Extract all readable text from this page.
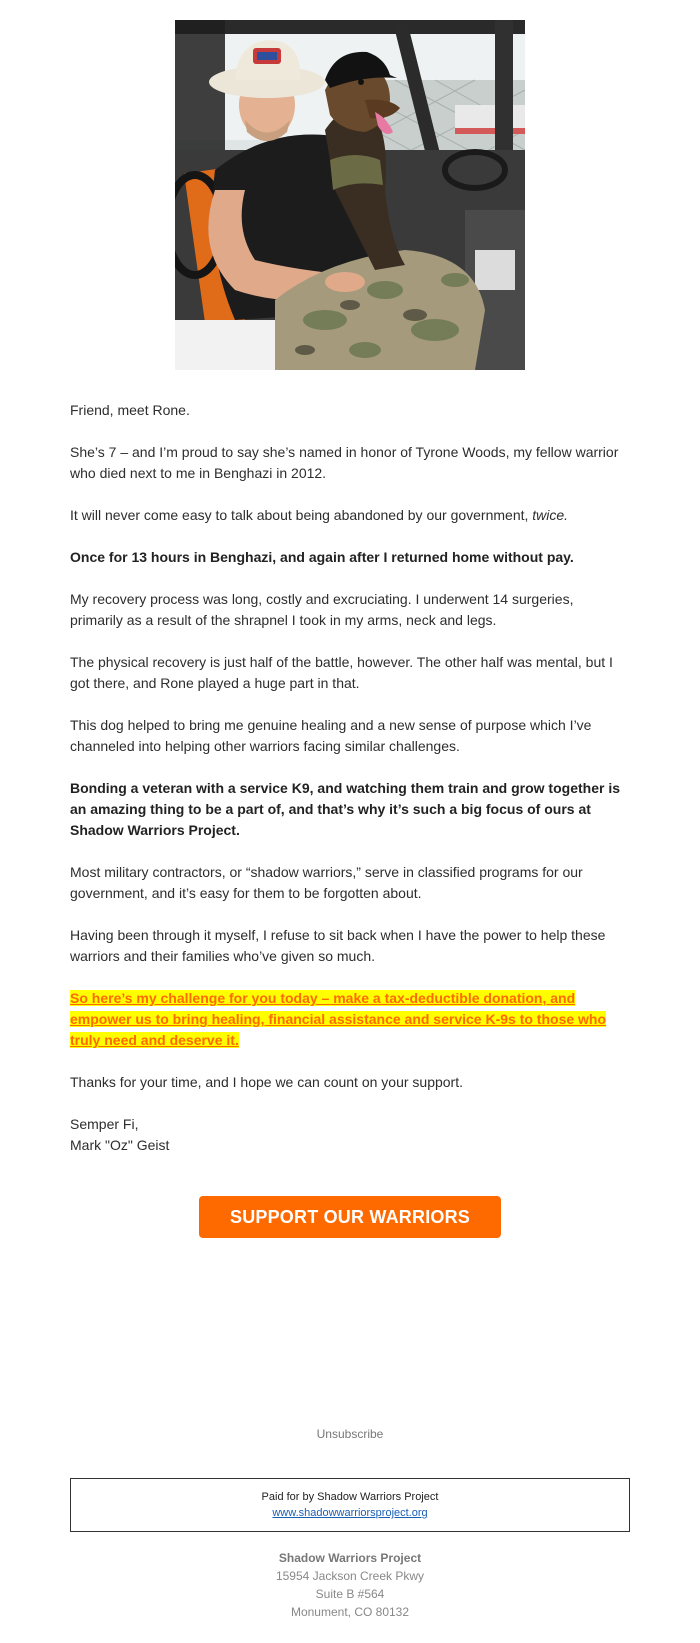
Friend, meet Rone.

She’s 7 – and I’m proud to say she’s named in honor of Tyrone Woods, my fellow warrior who died next to me in Benghazi in 2012.

It will never come easy to talk about being abandoned by our government, twice.

Once for 13 hours in Benghazi, and again after I returned home without pay.

My recovery process was long, costly and excruciating. I underwent 14 surgeries, primarily as a result of the shrapnel I took in my arms, neck and legs.

The physical recovery is just half of the battle, however. The other half was mental, but I got there, and Rone played a huge part in that.

This dog helped to bring me genuine healing and a new sense of purpose which I’ve channeled into helping other warriors facing similar challenges.

Bonding a veteran with a service K9, and watching them train and grow together is an amazing thing to be a part of, and that’s why it’s such a big focus of ours at Shadow Warriors Project.

Most military contractors, or “shadow warriors,” serve in classified programs for our government, and it’s easy for them to be forgotten about.

Having been through it myself, I refuse to sit back when I have the power to help these warriors and their families who’ve given so much.

So here’s my challenge for you today – make a tax-deductible donation, and empower us to bring healing, financial assistance and service K-9s to those who truly need and deserve it.

Thanks for your time, and I hope we can count on your support.

Semper Fi,
Mark "Oz" Geist

SUPPORT OUR WARRIORS >>
Unsubscribe
Paid for by Shadow Warriors Project
www.shadowwarriorsproject.org
Shadow Warriors Project
15954 Jackson Creek Pkwy
Suite B #564
Monument, CO 80132
